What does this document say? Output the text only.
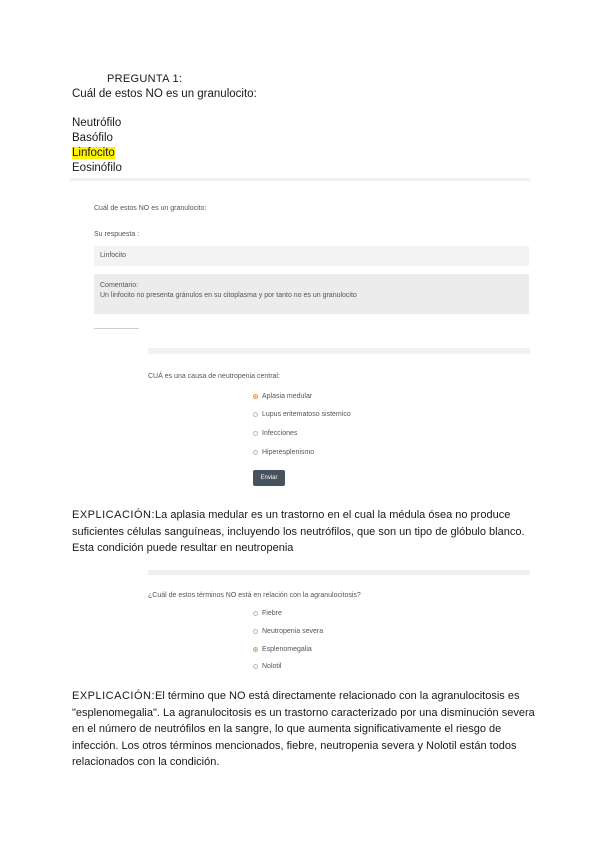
PREGUNTA 1:
Cuál de estos NO es un granulocito:
Neutrófilo
Basófilo
Linfocito
Eosinófilo
Cuál de estos NO es un granulocito:
Su respuesta :
Linfocito
Comentario:
Un linfocito no presenta gránulos en su citoplasma y por tanto no es un granulocito
CUÁ es una causa de neutropenia central:
Aplasia medular
Lupus eritematoso sistemico
Infecciones
Hiperesplenismo
Enviar
EXPLICACIÓN:La aplasia medular es un trastorno en el cual la médula ósea no produce suficientes células sanguíneas, incluyendo los neutrófilos, que son un tipo de glóbulo blanco. Esta condición puede resultar en neutropenia
¿Cuál de estos términos NO está en relación con la agranulocitosis?
Fiebre
Neutropenia severa
Esplenomegalia
Nolotil
EXPLICACIÓN:El término que NO está directamente relacionado con la agranulocitosis es "esplenomegalia". La agranulocitosis es un trastorno caracterizado por una disminución severa en el número de neutrófilos en la sangre, lo que aumenta significativamente el riesgo de infección. Los otros términos mencionados, fiebre, neutropenia severa y Nolotil están todos relacionados con la condición.
